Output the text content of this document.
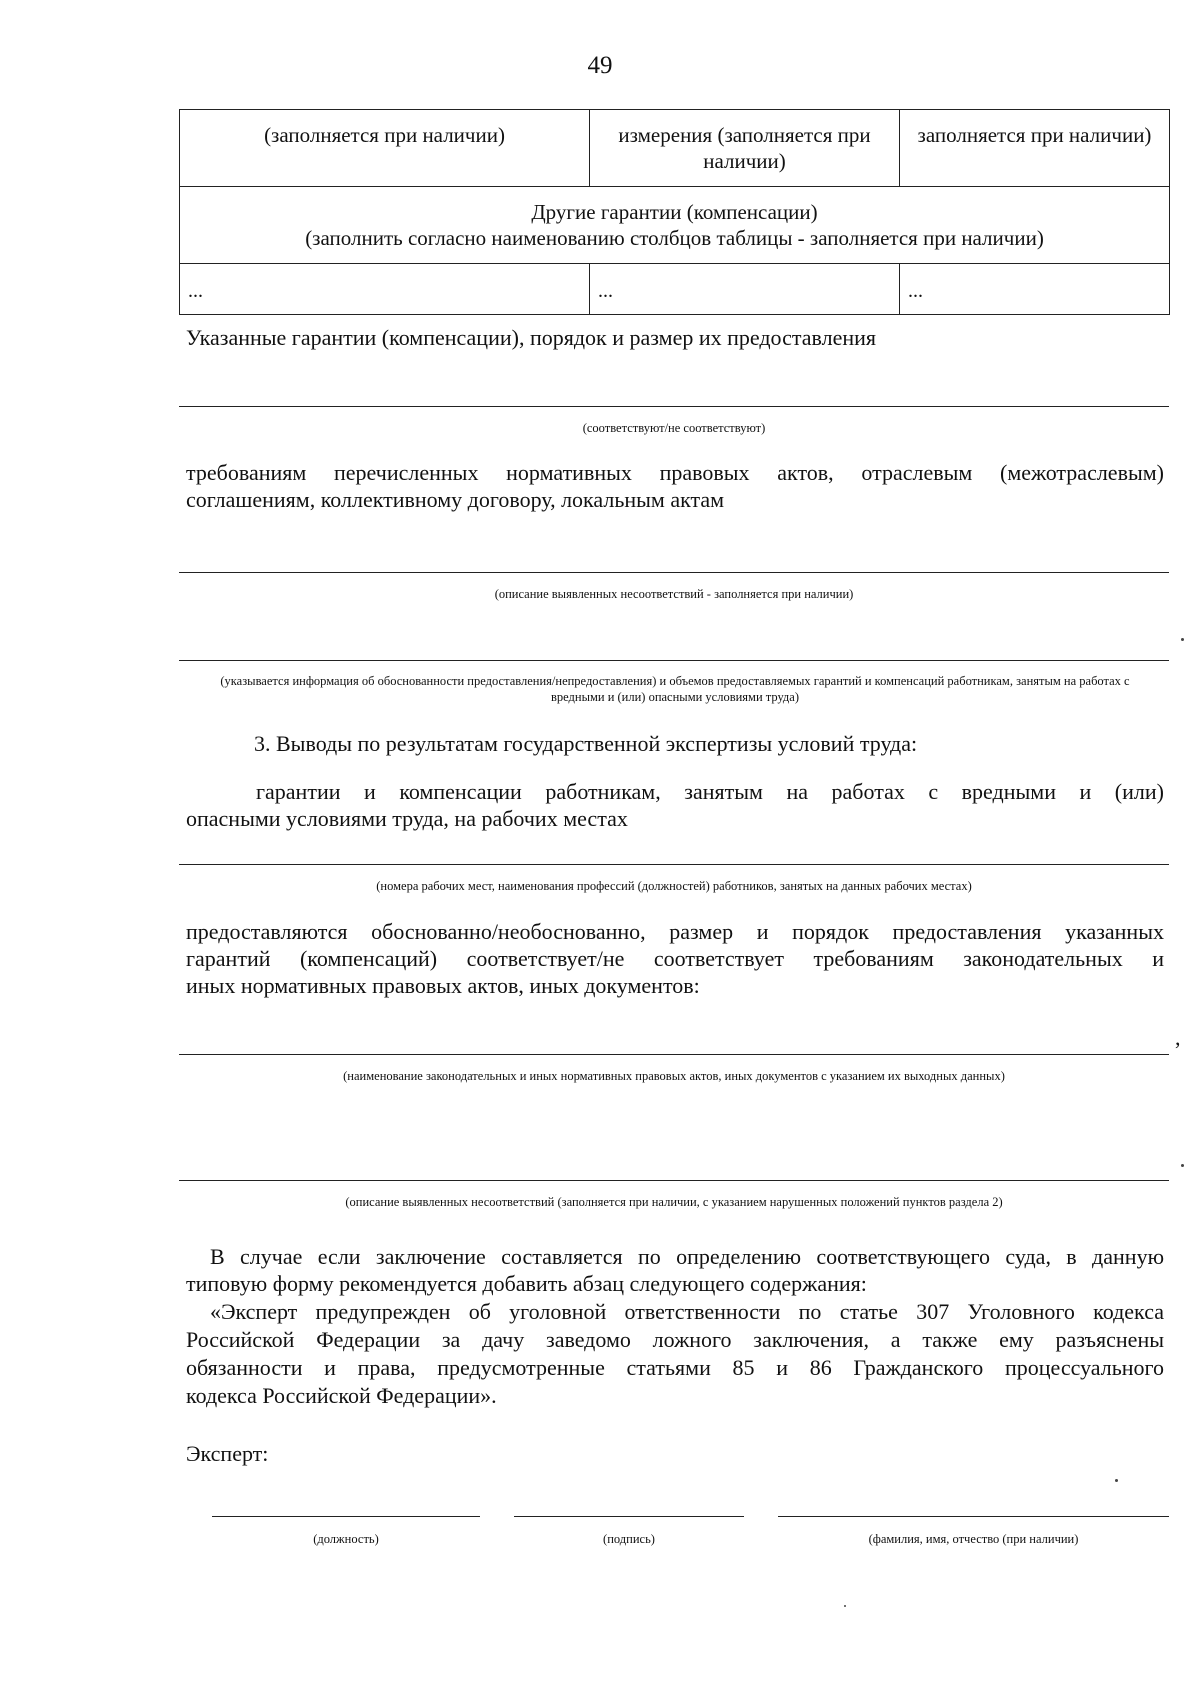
49
(заполняется при наличии)	измерения (заполняется при наличии)	заполняется при наличии)

Другие гарантии (компенсации)
(заполнить согласно наименованию столбцов таблицы - заполняется при наличии)		

...	...	...
Указанные гарантии (компенсации), порядок и размер их предоставления
(соответствуют/не соответствуют)
требованиям перечисленных нормативных правовых актов, отраслевым (межотраслевым)
соглашениям, коллективному договору, локальным актам
(описание выявленных несоответствий - заполняется при наличии)
(указывается информация об обоснованности предоставления/непредоставления) и объемов предоставляемых гарантий и компенсаций работникам, занятым на работах с вредными и (или) опасными условиями труда)
3. Выводы по результатам государственной экспертизы условий труда:
гарантии и компенсации работникам, занятым на работах с вредными и (или)
опасными условиями труда, на рабочих местах
(номера рабочих мест, наименования профессий (должностей) работников, занятых на данных рабочих местах)
предоставляются обоснованно/необоснованно, размер и порядок предоставления указанных
гарантий (компенсаций) соответствует/не соответствует требованиям законодательных и
иных нормативных правовых актов, иных документов:
,
(наименование законодательных и иных нормативных правовых актов, иных документов с указанием их выходных данных)
(описание выявленных несоответствий (заполняется при наличии, с указанием нарушенных положений пунктов раздела 2)
В случае если заключение составляется по определению соответствующего суда, в данную
типовую форму рекомендуется добавить абзац следующего содержания:
«Эксперт предупрежден об уголовной ответственности по статье 307 Уголовного кодекса
Российской Федерации за дачу заведомо ложного заключения, а также ему разъяснены
обязанности и права, предусмотренные статьями 85 и 86 Гражданского процессуального
кодекса Российской Федерации».
Эксперт:
(должность)	(подпись)	(фамилия, имя, отчество (при наличии)
